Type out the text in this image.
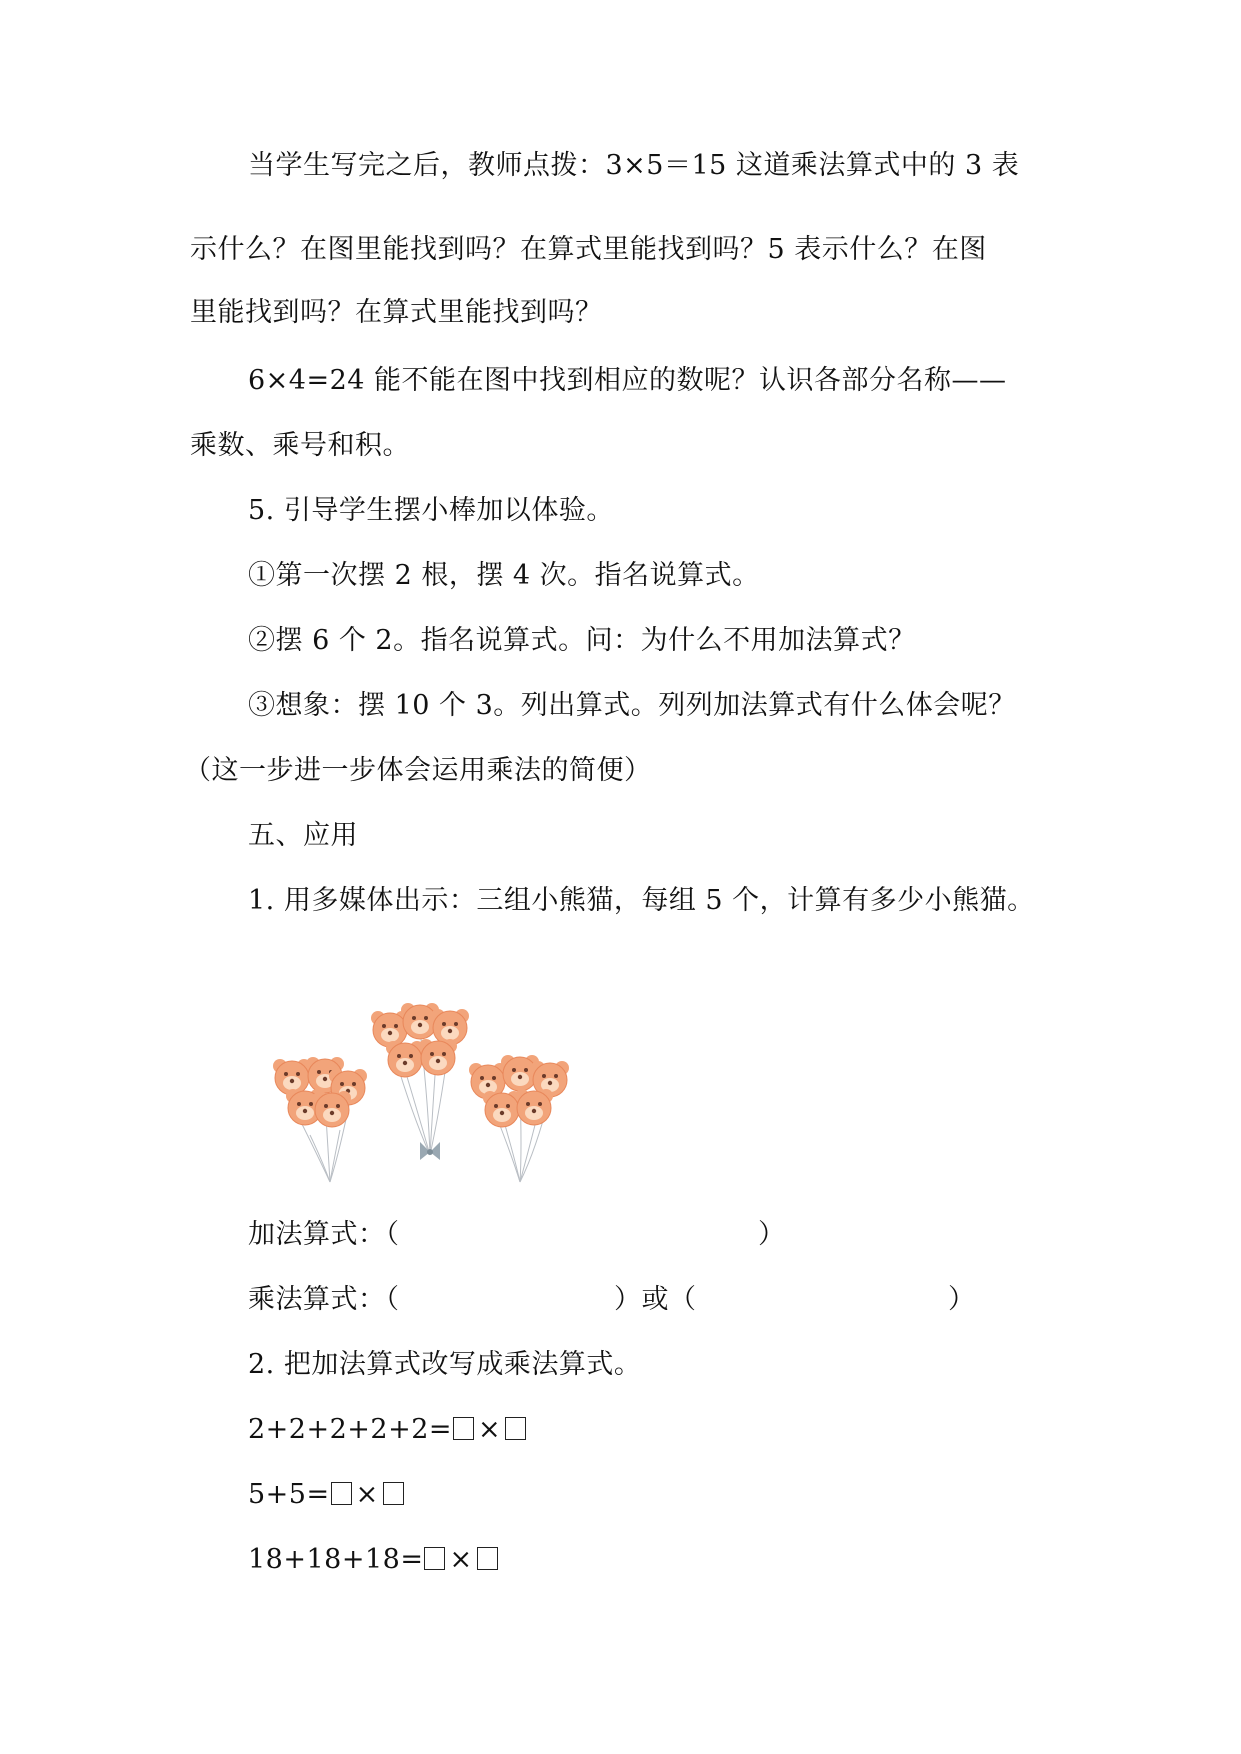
当学生写完之后，教师点拨：3×5＝15 这道乘法算式中的 3 表
示什么？在图里能找到吗？在算式里能找到吗？5 表示什么？在图
里能找到吗？在算式里能找到吗？
6×4=24 能不能在图中找到相应的数呢？认识各部分名称——
乘数、乘号和积。
5. 引导学生摆小棒加以体验。
①第一次摆 2 根，摆 4 次。指名说算式。
②摆 6 个 2。指名说算式。问：为什么不用加法算式？
③想象：摆 10 个 3。列出算式。列列加法算式有什么体会呢？
（这一步进一步体会运用乘法的简便）
五、应用
1. 用多媒体出示：三组小熊猫，每组 5 个，计算有多少小熊猫。
加法算式：（	）
乘法算式：（	）或（	）
2. 把加法算式改写成乘法算式。
2+2+2+2+2= ×
5+5= ×
18+18+18= ×
